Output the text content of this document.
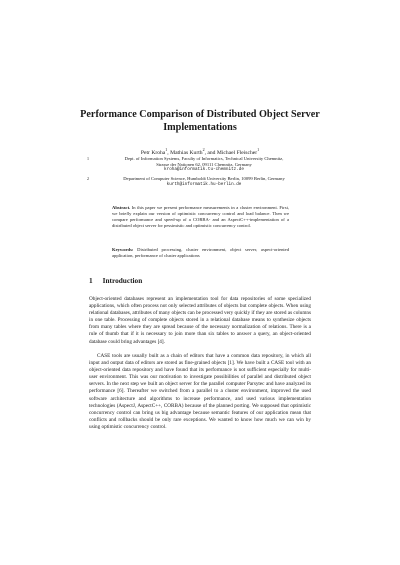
Performance Comparison of Distributed Object Server Implementations
Petr Kroha$^1$, Mathias Kurth$^2$, and Michael Fleischer$^1$
1	Dept. of Information Systems, Faculty of Informatics, Technical University Chemnitz,
Strasse der Nationen 62, 09111 Chemnitz, Germany
kroha@informatik.tu-chemnitz.de
2	Department of Computer Science, Humboldt University Berlin, 10099 Berlin, Germany
kurth@informatik.hu-berlin.de
Abstract. In this paper we present performance measurements in a cluster environment. First, we briefly explain our version of optimistic concurrency control and load balance. Then we compare performance and speed-up of a CORBA- and an AspectC++-implementation of a distributed object server for pessimistic and optimistic concurrency control.
Keywords: Distributed processing, cluster environment, object server, aspect-oriented application, performance of cluster applications
1 Introduction
Object-oriented databases represent an implementation tool for data repositories of some specialized applications, which often process not only selected attributes of objects but complete objects. When using relational databases, attributes of many objects can be processed very quickly if they are stored as columns in one table. Processing of complete objects stored in a relational database means to synthesize objects from many tables where they are spread because of the necessary normalization of relations. There is a rule of thumb that if it is necessary to join more than six tables to answer a query, an object-oriented database could bring advantages [4].
CASE tools are usually built as a chain of editors that have a common data repository, in which all input and output data of editors are stored as fine-grained objects [1]. We have built a CASE tool with an object-oriented data repository and have found that its performance is not sufficient especially for multi-user environment. This was our motivation to investigate possibilities of parallel and distributed object servers. In the next step we built an object server for the parallel computer Parsytec and have analyzed its performance [6]. Thereafter we switched from a parallel to a cluster environment, improved the used software architecture and algorithms to increase performance, and used various implementation technologies (AspectJ, AspectC++, CORBA) because of the planned porting. We supposed that optimistic concurrency control can bring us big advantage because semantic features of our application mean that conflicts and rollbacks should be only rare exceptions. We wanted to know how much we can win by using optimistic concurrency control.
